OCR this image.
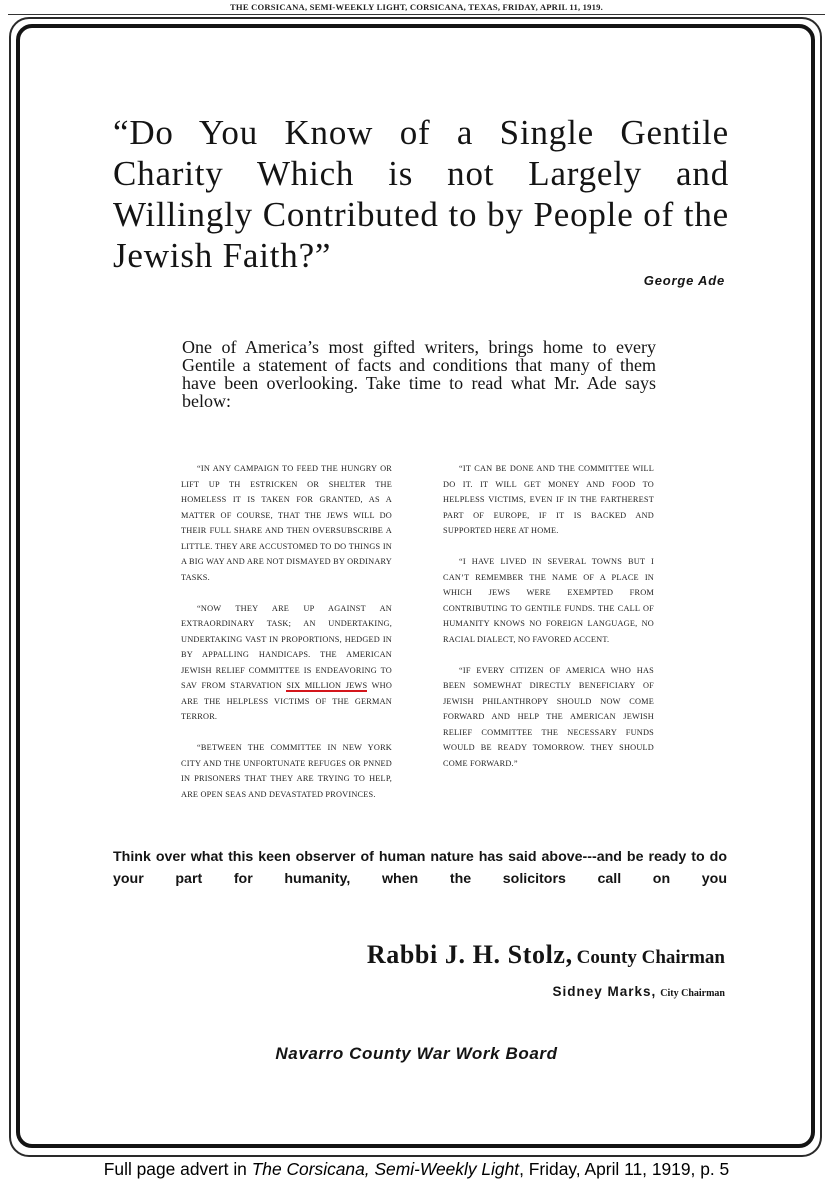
THE CORSICANA, SEMI-WEEKLY LIGHT, CORSICANA, TEXAS, FRIDAY, APRIL 11, 1919.
“Do You Know of a Single Gentile Charity Which is not Largely and Willingly Contributed to by People of the Jewish Faith?”
George Ade

One of America’s most gifted writers, brings home to every Gentile a statement of facts and conditions that many of them have been overlooking. Take time to read what Mr. Ade says below:

“IN ANY CAMPAIGN TO FEED THE HUNGRY OR LIFT UP TH ESTRICKEN OR SHELTER THE HOMELESS IT IS TAKEN FOR GRANTED, AS A MATTER OF COURSE, THAT THE JEWS WILL DO THEIR FULL SHARE AND THEN OVERSUBSCRIBE A LITTLE. THEY ARE ACCUSTOMED TO DO THINGS IN A BIG WAY AND ARE NOT DISMAYED BY ORDINARY TASKS.

“NOW THEY ARE UP AGAINST AN EXTRAORDINARY TASK; AN UNDERTAKING, UNDERTAKING VAST IN PROPORTIONS, HEDGED IN BY APPALLING HANDICAPS. THE AMERICAN JEWISH RELIEF COMMITTEE IS ENDEAVORING TO SAV FROM STARVATION SIX MILLION JEWS WHO ARE THE HELPLESS VICTIMS OF THE GERMAN TERROR.

“BETWEEN THE COMMITTEE IN NEW YORK CITY AND THE UNFORTUNATE REFUGES OR PNNED IN PRISONERS THAT THEY ARE TRYING TO HELP, ARE OPEN SEAS AND DEVASTATED PROVINCES.

“IT CAN BE DONE AND THE COMMITTEE WILL DO IT. IT WILL GET MONEY AND FOOD TO HELPLESS VICTIMS, EVEN IF IN THE FARTHEREST PART OF EUROPE, IF IT IS BACKED AND SUPPORTED HERE AT HOME.

“I HAVE LIVED IN SEVERAL TOWNS BUT I CAN’T REMEMBER THE NAME OF A PLACE IN WHICH JEWS WERE EXEMPTED FROM CONTRIBUTING TO GENTILE FUNDS. THE CALL OF HUMANITY KNOWS NO FOREIGN LANGUAGE, NO RACIAL DIALECT, NO FAVORED ACCENT.

“IF EVERY CITIZEN OF AMERICA WHO HAS BEEN SOMEWHAT DIRECTLY BENEFICIARY OF JEWISH PHILANTHROPY SHOULD NOW COME FORWARD AND HELP THE AMERICAN JEWISH RELIEF COMMITTEE THE NECESSARY FUNDS WOULD BE READY TOMORROW. THEY SHOULD COME FORWARD.”

Think over what this keen observer of human nature has said above---and be ready to do your part for humanity, when the solicitors call on you

Rabbi J. H. Stolz, County Chairman
Sidney Marks, City Chairman
Navarro County War Work Board
Full page advert in The Corsicana, Semi-Weekly Light, Friday, April 11, 1919, p. 5
